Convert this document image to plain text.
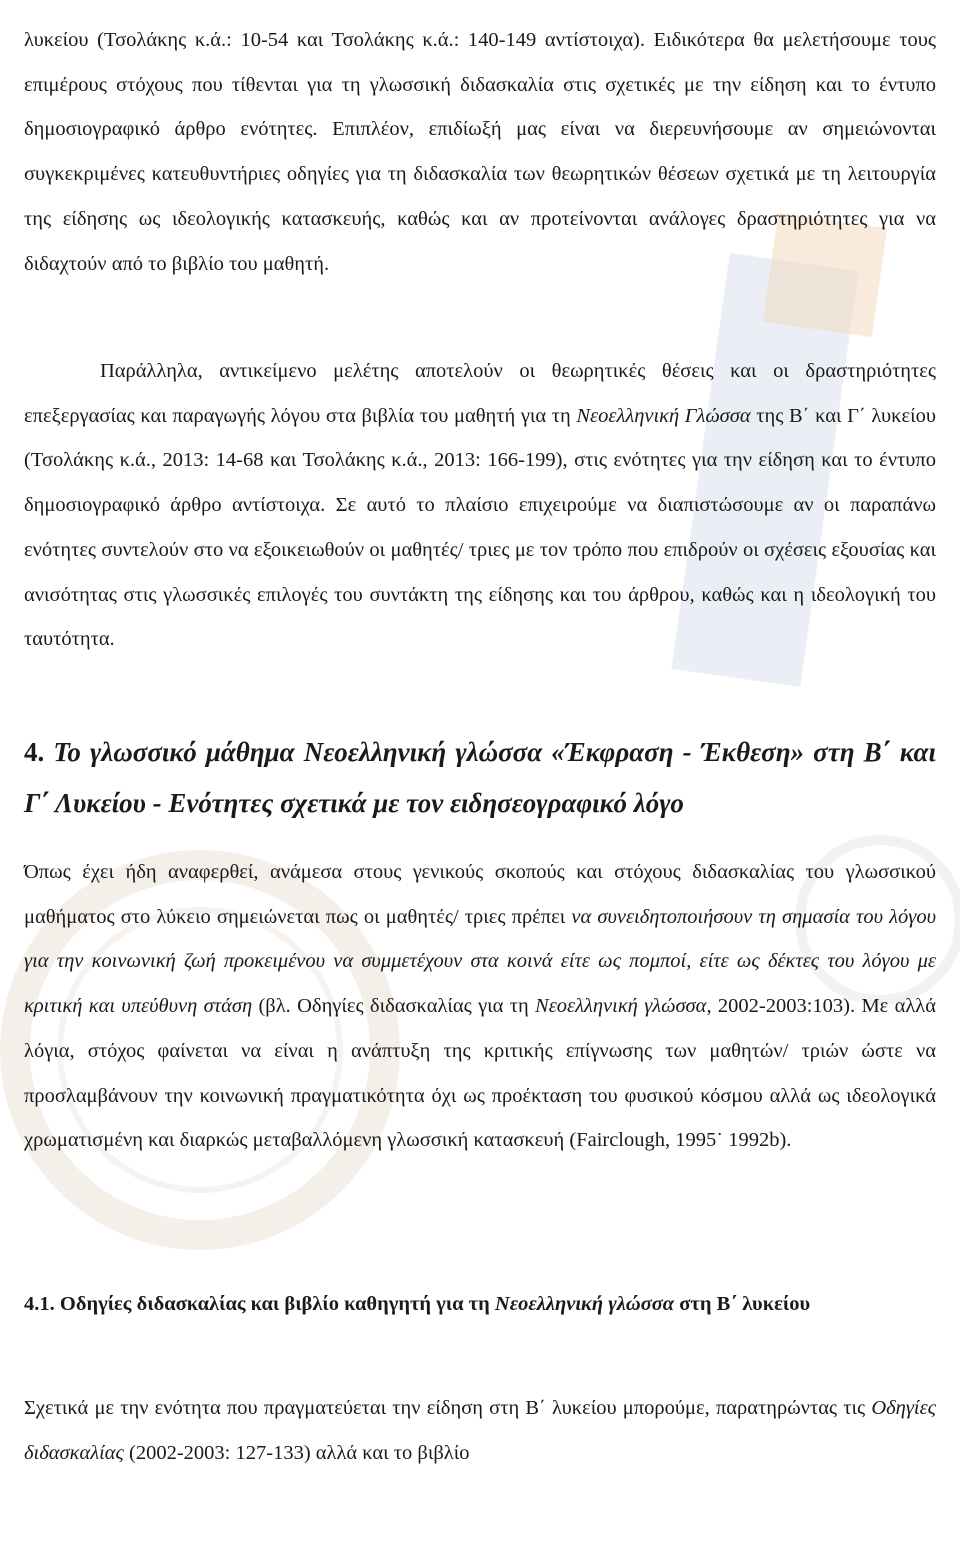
λυκείου (Τσολάκης κ.ά.: 10-54 και Τσολάκης κ.ά.: 140-149 αντίστοιχα). Ειδικότερα θα μελετήσουμε τους επιμέρους στόχους που τίθενται για τη γλωσσική διδασκαλία στις σχετικές με την είδηση και το έντυπο δημοσιογραφικό άρθρο ενότητες. Επιπλέον, επιδίωξή μας είναι να διερευνήσουμε αν σημειώνονται συγκεκριμένες κατευθυντήριες οδηγίες για τη διδασκαλία των θεωρητικών θέσεων σχετικά με τη λειτουργία της είδησης ως ιδεολογικής κατασκευής, καθώς και αν προτείνονται ανάλογες δραστηριότητες για να διδαχτούν από το βιβλίο του μαθητή.

Παράλληλα, αντικείμενο μελέτης αποτελούν οι θεωρητικές θέσεις και οι δραστηριότητες επεξεργασίας και παραγωγής λόγου στα βιβλία του μαθητή για τη Νεοελληνική Γλώσσα της Β΄ και Γ΄ λυκείου (Τσολάκης κ.ά., 2013: 14-68 και Τσολάκης κ.ά., 2013: 166-199), στις ενότητες για την είδηση και το έντυπο δημοσιογραφικό άρθρο αντίστοιχα. Σε αυτό το πλαίσιο επιχειρούμε να διαπιστώσουμε αν οι παραπάνω ενότητες συντελούν στο να εξοικειωθούν οι μαθητές/ τριες με τον τρόπο που επιδρούν οι σχέσεις εξουσίας και ανισότητας στις γλωσσικές επιλογές του συντάκτη της είδησης και του άρθρου, καθώς και η ιδεολογική του ταυτότητα.

4. Το γλωσσικό μάθημα Νεοελληνική γλώσσα «Έκφραση - Έκθεση» στη Β΄ και Γ΄ Λυκείου - Ενότητες σχετικά με τον ειδησεογραφικό λόγο

Όπως έχει ήδη αναφερθεί, ανάμεσα στους γενικούς σκοπούς και στόχους διδασκαλίας του γλωσσικού μαθήματος στο λύκειο σημειώνεται πως οι μαθητές/ τριες πρέπει να συνειδητοποιήσουν τη σημασία του λόγου για την κοινωνική ζωή προκειμένου να συμμετέχουν στα κοινά είτε ως πομποί, είτε ως δέκτες του λόγου με κριτική και υπεύθυνη στάση (βλ. Οδηγίες διδασκαλίας για τη Νεοελληνική γλώσσα, 2002-2003:103). Με αλλά λόγια, στόχος φαίνεται να είναι η ανάπτυξη της κριτικής επίγνωσης των μαθητών/ τριών ώστε να προσλαμβάνουν την κοινωνική πραγματικότητα όχι ως προέκταση του φυσικού κόσμου αλλά ως ιδεολογικά χρωματισμένη και διαρκώς μεταβαλλόμενη γλωσσική κατασκευή (Fairclough, 1995˙ 1992b).

4.1. Οδηγίες διδασκαλίας και βιβλίο καθηγητή για τη Νεοελληνική γλώσσα στη Β΄ λυκείου

Σχετικά με την ενότητα που πραγματεύεται την είδηση στη Β΄ λυκείου μπορούμε, παρατηρώντας τις Οδηγίες διδασκαλίας (2002-2003: 127-133) αλλά και το βιβλίο
